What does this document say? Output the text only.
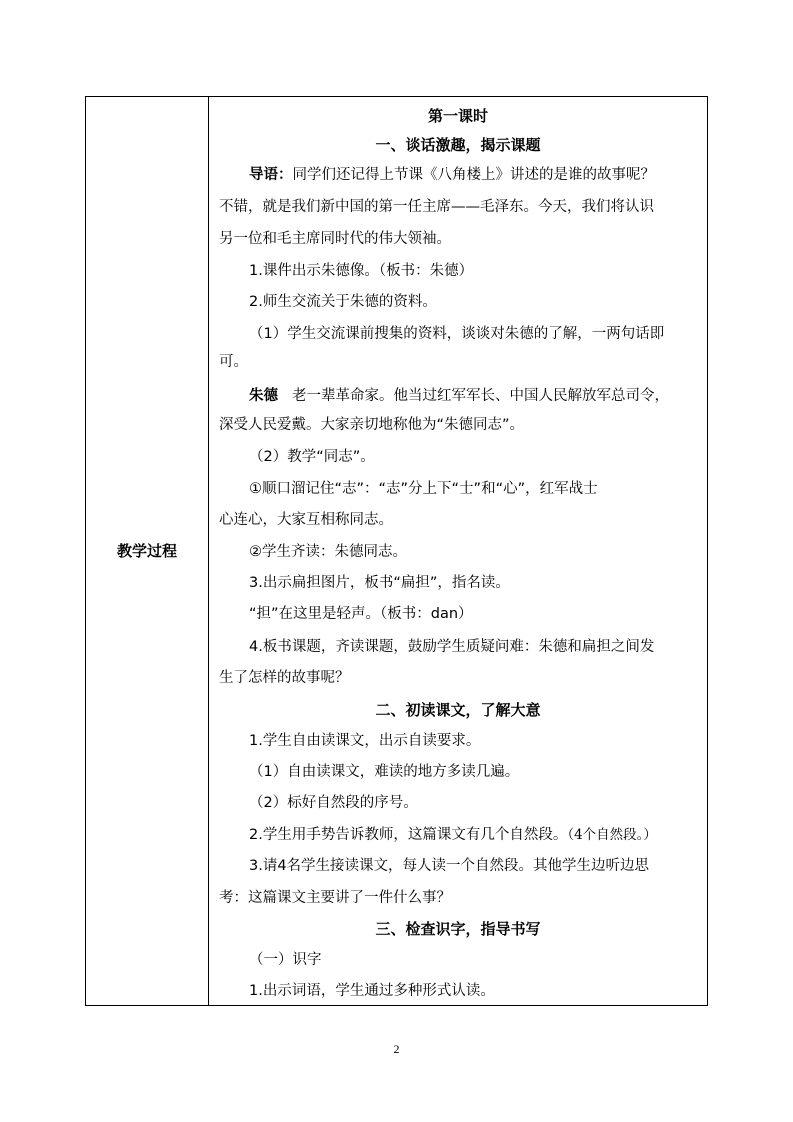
教学过程
第一课时
一、谈话激趣，揭示课题
导语：同学们还记得上节课《八角楼上》讲述的是谁的故事呢？
不错，就是我们新中国的第一任主席——毛泽东。今天，我们将认识
另一位和毛主席同时代的伟大领袖。
1.课件出示朱德像。（板书：朱德）
2.师生交流关于朱德的资料。
（1）学生交流课前搜集的资料，谈谈对朱德的了解，一两句话即
可。
朱德 老一辈革命家。他当过红军军长、中国人民解放军总司令，
深受人民爱戴。大家亲切地称他为“朱德同志”。
（2）教学“同志”。
①顺口溜记住“志”：“志”分上下“士”和“心”，红军战士
心连心，大家互相称同志。
②学生齐读：朱德同志。
3.出示扁担图片，板书“扁担”，指名读。
“担”在这里是轻声。（板书：dan）
4.板书课题，齐读课题，鼓励学生质疑问难：朱德和扁担之间发
生了怎样的故事呢？
二、初读课文，了解大意
1.学生自由读课文，出示自读要求。
（1）自由读课文，难读的地方多读几遍。
（2）标好自然段的序号。
2.学生用手势告诉教师，这篇课文有几个自然段。（4个自然段。）
3.请4名学生接读课文，每人读一个自然段。其他学生边听边思
考：这篇课文主要讲了一件什么事？
三、检查识字，指导书写
（一）识字
1.出示词语，学生通过多种形式认读。
2
